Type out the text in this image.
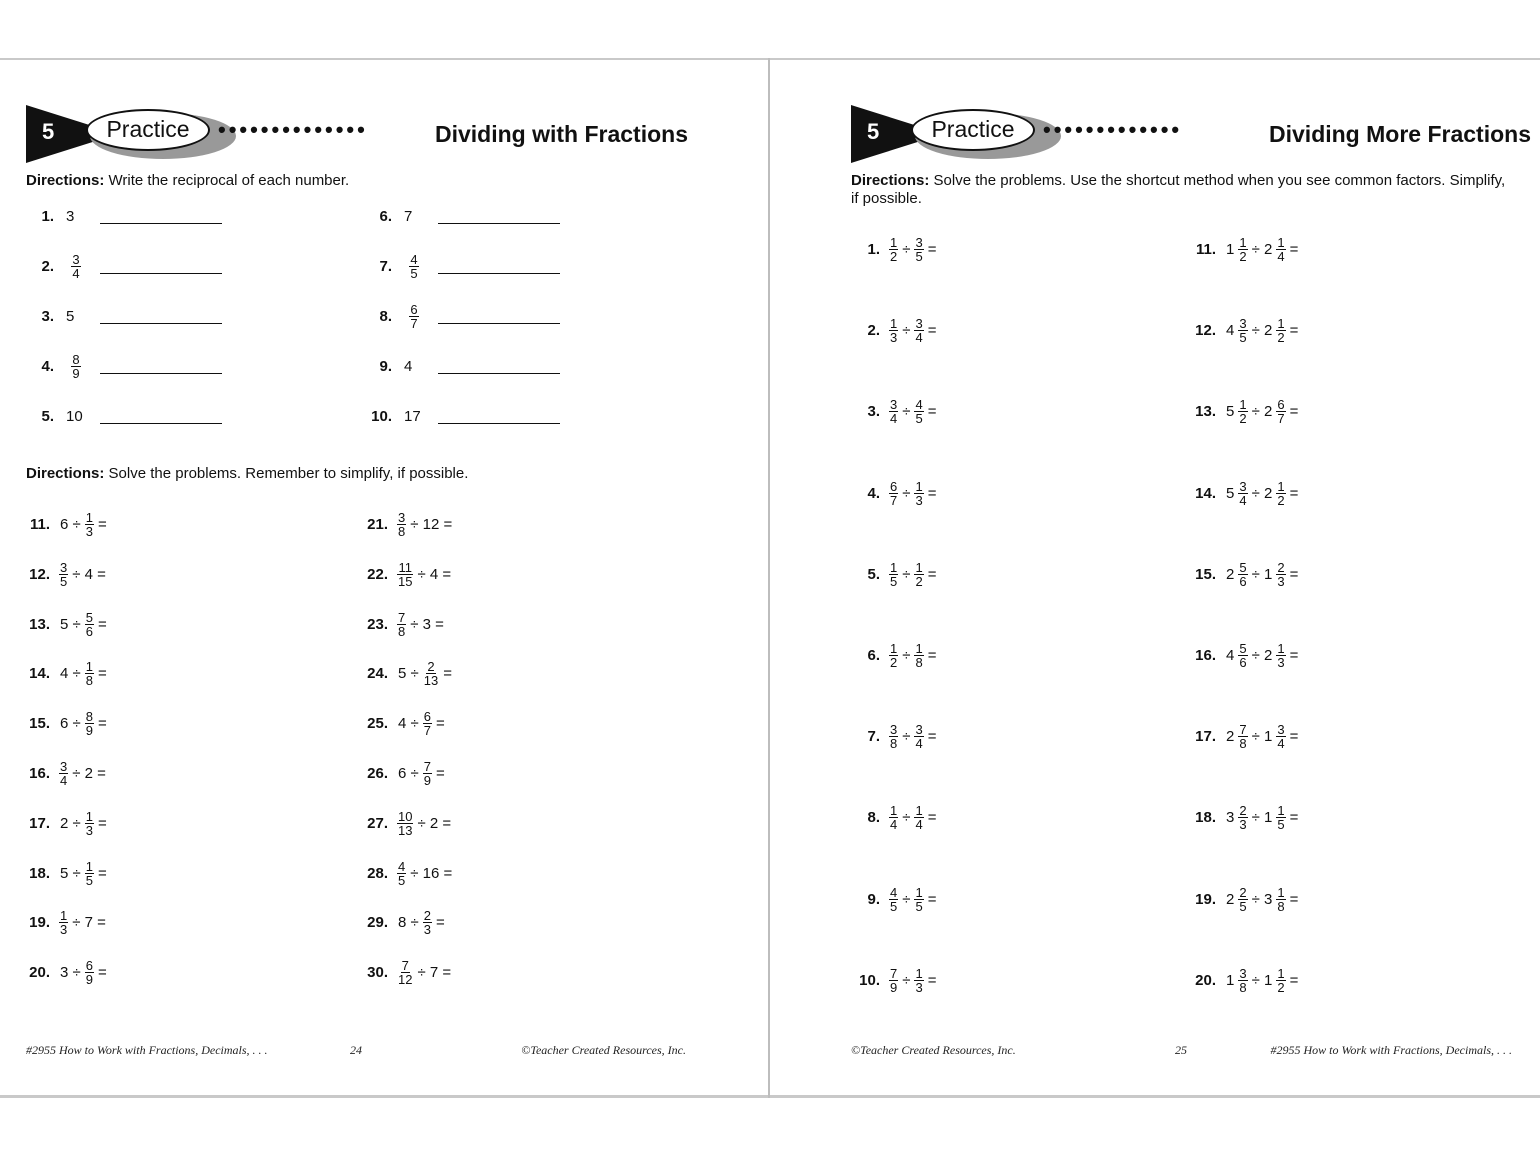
5	Practice	••••••••••••••	Dividing with Fractions
Directions: Write the reciprocal of each number.
1. 3
2. $\frac{3}{4}$
3. 5
4. $\frac{8}{9}$
5. 10
6. 7
7. $\frac{4}{5}$
8. $\frac{6}{7}$
9. 4
10. 17
Directions: Solve the problems. Remember to simplify, if possible.
11. $6 \div \frac{1}{3}$ =
12. $\frac{3}{5} \div 4$ =
13. $5 \div \frac{5}{6}$ =
14. $4 \div \frac{1}{8}$ =
15. $6 \div \frac{8}{9}$ =
16. $\frac{3}{4} \div 2$ =
17. $2 \div \frac{1}{3}$ =
18. $5 \div \frac{1}{5}$ =
19. $\frac{1}{3} \div 7$ =
20. $3 \div \frac{6}{9}$ =
21. $\frac{3}{8} \div 12$ =
22. $\frac{11}{15} \div 4$ =
23. $\frac{7}{8} \div 3$ =
24. $5 \div \frac{2}{13}$ =
25. $4 \div \frac{6}{7}$ =
26. $6 \div \frac{7}{9}$ =
27. $\frac{10}{13} \div 2$ =
28. $\frac{4}{5} \div 16$ =
29. $8 \div \frac{2}{3}$ =
30. $\frac{7}{12} \div 7$ =
#2955 How to Work with Fractions, Decimals, . . .	24	©Teacher Created Resources, Inc.
5	Practice	•••••••••••••	Dividing More Fractions
Directions: Solve the problems. Use the shortcut method when you see common factors. Simplify, if possible.
1. $\frac{1}{2} \div \frac{3}{5}$ =
2. $\frac{1}{3} \div \frac{3}{4}$ =
3. $\frac{3}{4} \div \frac{4}{5}$ =
4. $\frac{6}{7} \div \frac{1}{3}$ =
5. $\frac{1}{5} \div \frac{1}{2}$ =
6. $\frac{1}{2} \div \frac{1}{8}$ =
7. $\frac{3}{8} \div \frac{3}{4}$ =
8. $\frac{1}{4} \div \frac{1}{4}$ =
9. $\frac{4}{5} \div \frac{1}{5}$ =
10. $\frac{7}{9} \div \frac{1}{3}$ =
11. $1 \frac{1}{2} \div 2 \frac{1}{4}$ =
12. $4 \frac{3}{5} \div 2 \frac{1}{2}$ =
13. $5 \frac{1}{2} \div 2 \frac{6}{7}$ =
14. $5 \frac{3}{4} \div 2 \frac{1}{2}$ =
15. $2 \frac{5}{6} \div 1 \frac{2}{3}$ =
16. $4 \frac{5}{6} \div 2 \frac{1}{3}$ =
17. $2 \frac{7}{8} \div 1 \frac{3}{4}$ =
18. $3 \frac{2}{3} \div 1 \frac{1}{5}$ =
19. $2 \frac{2}{5} \div 3 \frac{1}{8}$ =
20. $1 \frac{3}{8} \div 1 \frac{1}{2}$ =
©Teacher Created Resources, Inc.	25	#2955 How to Work with Fractions, Decimals, . . .
